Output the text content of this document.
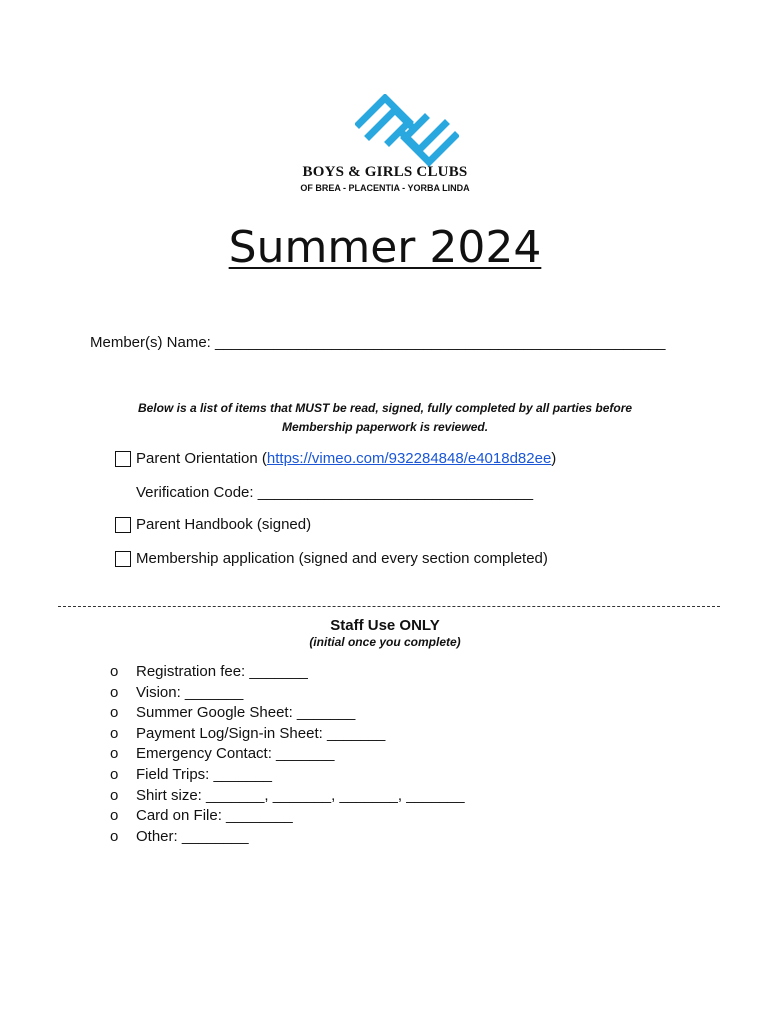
BOYS & GIRLS CLUBS
OF BREA - PLACENTIA - YORBA LINDA
Summer 2024
Member(s) Name: ______________________________________________________
Below is a list of items that MUST be read, signed, fully completed by all parties before
Membership paperwork is reviewed.
Parent Orientation (https://vimeo.com/932284848/e4018d82ee)
Verification Code: _________________________________
Parent Handbook (signed)
Membership application (signed and every section completed)
Staff Use ONLY
(initial once you complete)
o Registration fee: _______
o Vision: _______
o Summer Google Sheet: _______
o Payment Log/Sign-in Sheet: _______
o Emergency Contact: _______
o Field Trips: _______
o Shirt size: _______, _______, _______, _______
o Card on File: ________
o Other: ________
